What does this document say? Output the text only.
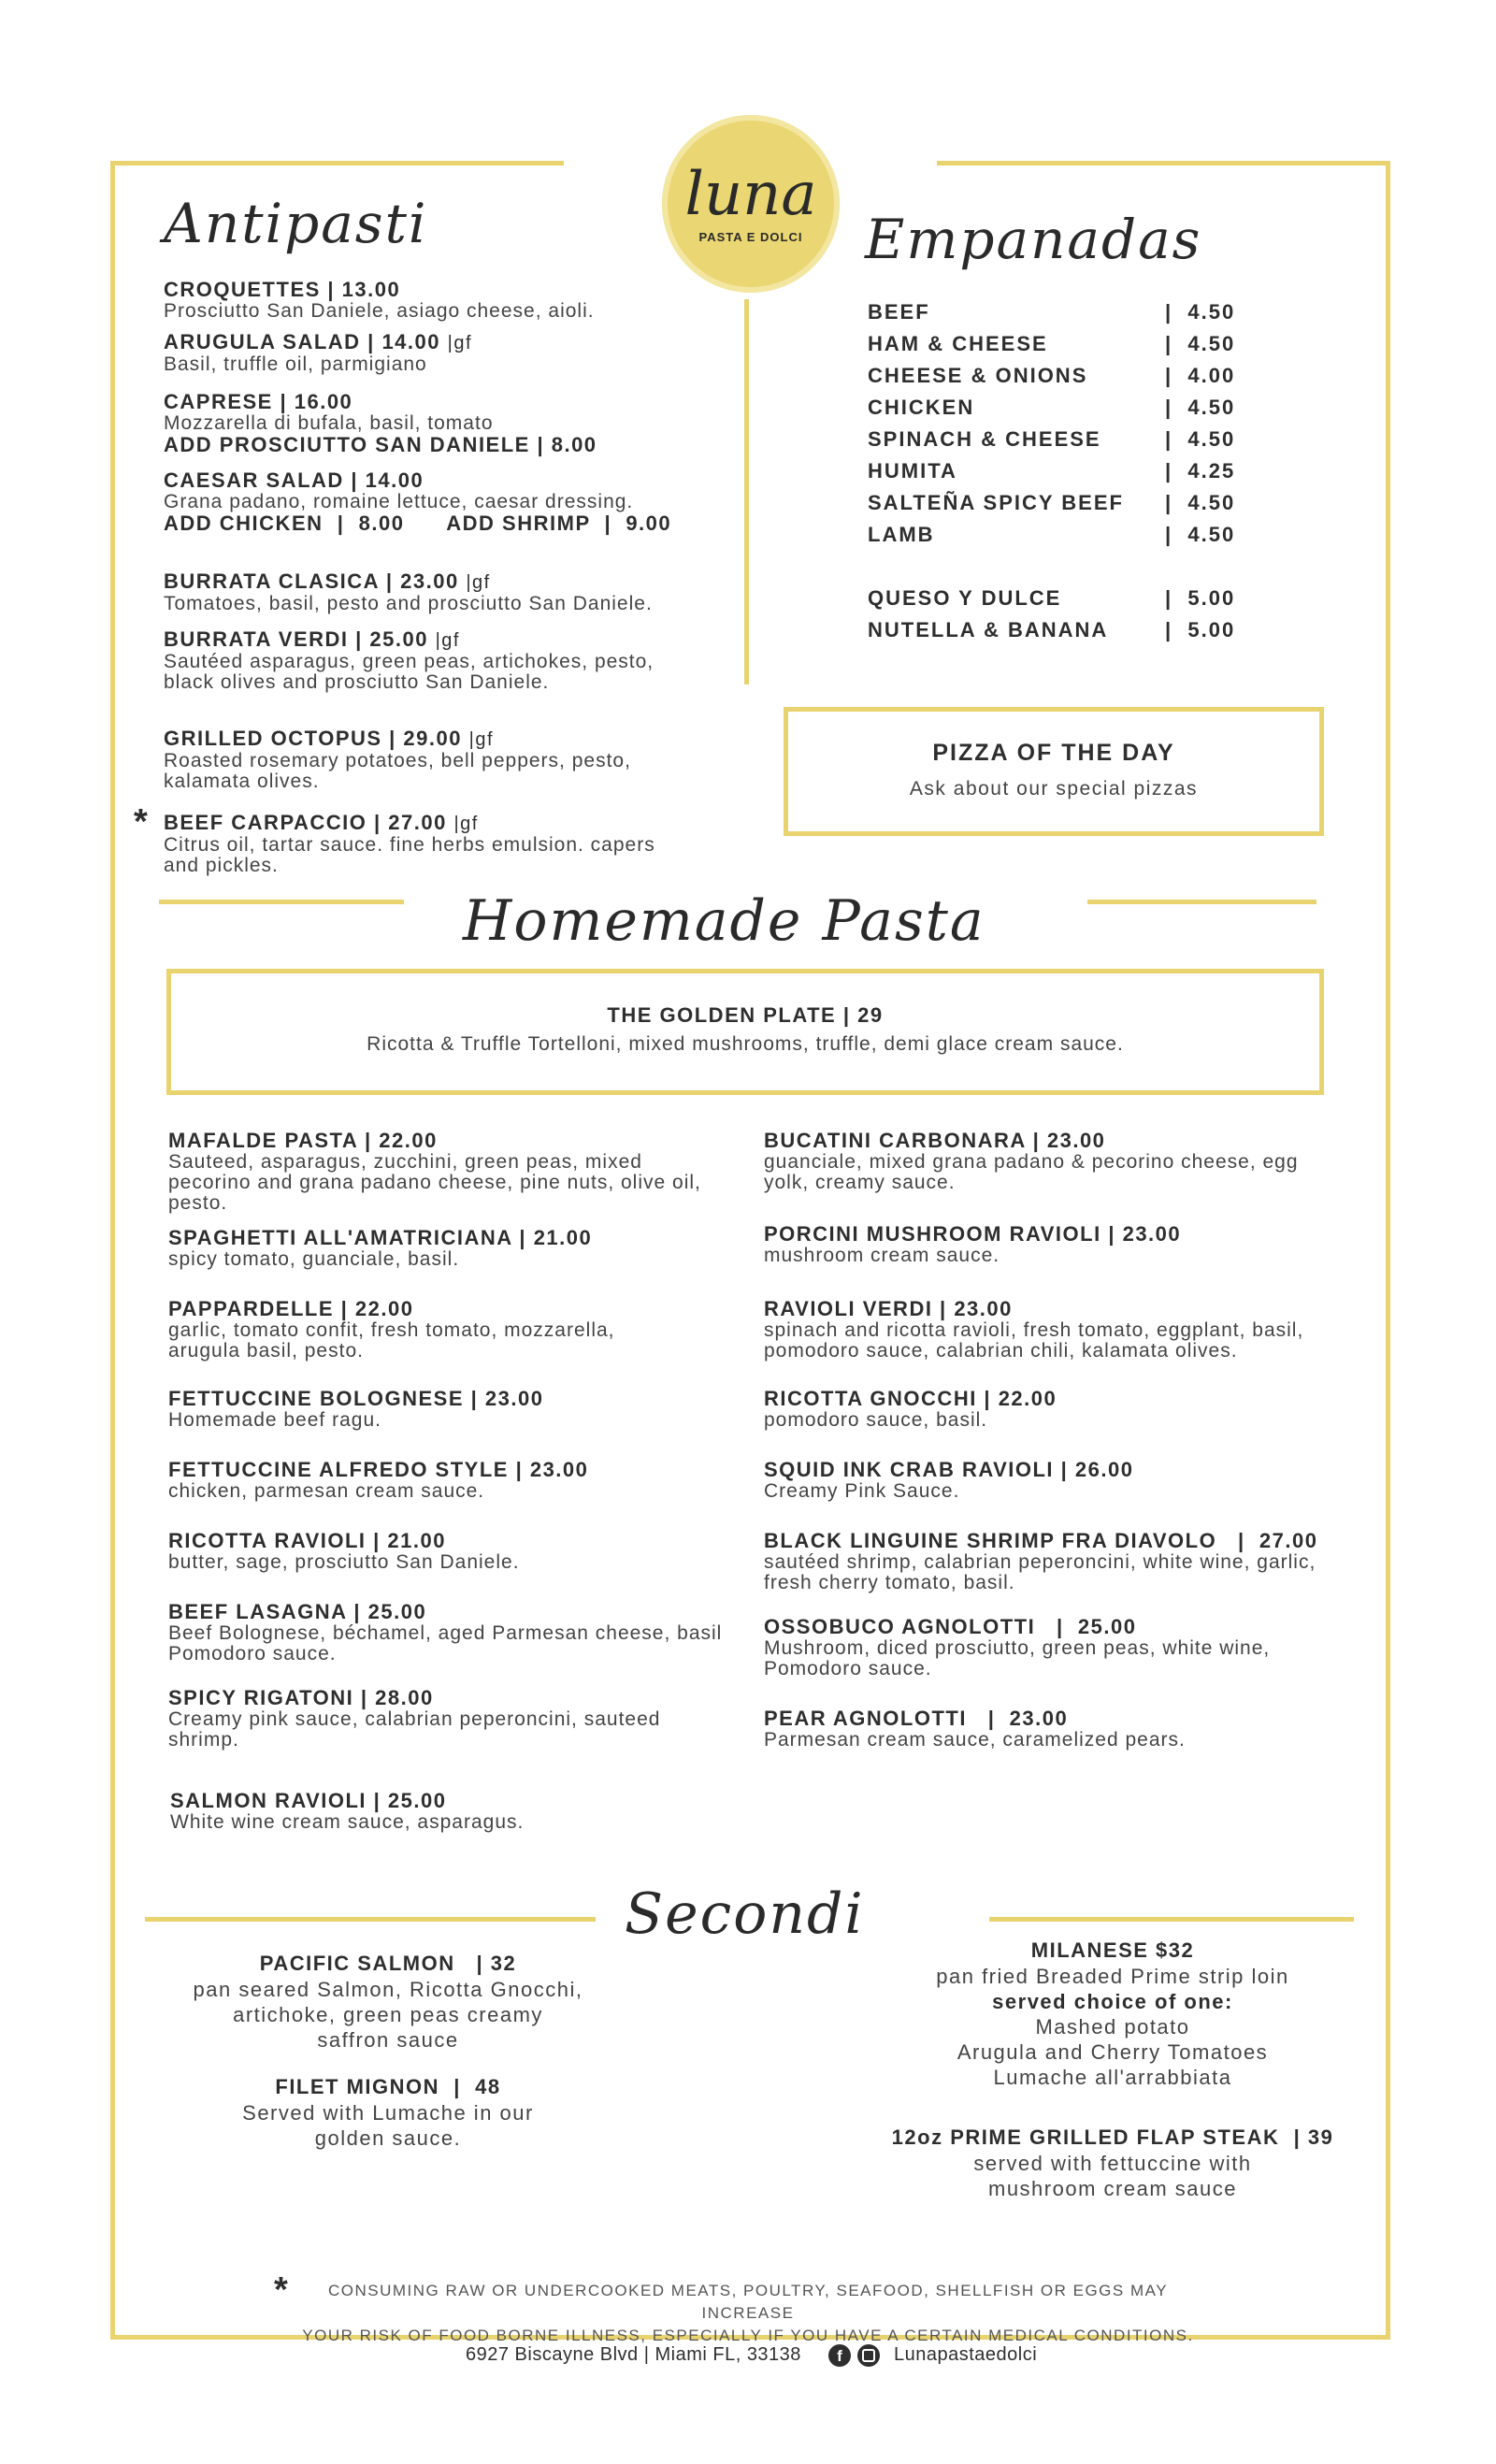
luna
PASTA E DOLCI
Antipasti	Empanadas
CROQUETTES | 13.00
Prosciutto San Daniele, asiago cheese, aioli.
ARUGULA SALAD | 14.00 |gf
Basil, truffle oil, parmigiano
CAPRESE | 16.00
Mozzarella di bufala, basil, tomato
ADD PROSCIUTTO SAN DANIELE | 8.00
CAESAR SALAD | 14.00
Grana padano, romaine lettuce, caesar dressing.
ADD CHICKEN  |  8.00      ADD SHRIMP  |  9.00
BURRATA CLASICA | 23.00 |gf
Tomatoes, basil, pesto and prosciutto San Daniele.
BURRATA VERDI | 25.00 |gf
Sautéed asparagus, green peas, artichokes, pesto, black olives and prosciutto San Daniele.
GRILLED OCTOPUS | 29.00 |gf
Roasted rosemary potatoes, bell peppers, pesto, kalamata olives.
* BEEF CARPACCIO | 27.00 |gf
Citrus oil, tartar sauce. fine herbs emulsion. capers and pickles.
BEEF	|  4.50
HAM & CHEESE	|  4.50
CHEESE & ONIONS	|  4.00
CHICKEN	|  4.50
SPINACH & CHEESE	|  4.50
HUMITA	|  4.25
SALTEÑA SPICY BEEF |  4.50
LAMB	|  4.50
QUESO Y DULCE	|  5.00
NUTELLA & BANANA	|  5.00
PIZZA OF THE DAY
Ask about our special pizzas
Homemade Pasta
THE GOLDEN PLATE | 29
Ricotta & Truffle Tortelloni, mixed mushrooms, truffle, demi glace cream sauce.
MAFALDE PASTA | 22.00
Sauteed, asparagus, zucchini, green peas, mixed pecorino and grana padano cheese, pine nuts, olive oil, pesto.
SPAGHETTI ALL'AMATRICIANA | 21.00
spicy tomato, guanciale, basil.
PAPPARDELLE | 22.00
garlic, tomato confit, fresh tomato, mozzarella, arugula basil, pesto.
FETTUCCINE BOLOGNESE | 23.00
Homemade beef ragu.
FETTUCCINE ALFREDO STYLE | 23.00
chicken, parmesan cream sauce.
RICOTTA RAVIOLI | 21.00
butter, sage, prosciutto San Daniele.
BEEF LASAGNA | 25.00
Beef Bolognese, béchamel, aged Parmesan cheese, basil Pomodoro sauce.
SPICY RIGATONI | 28.00
Creamy pink sauce, calabrian peperoncini, sauteed shrimp.
SALMON RAVIOLI | 25.00
White wine cream sauce, asparagus.
BUCATINI CARBONARA | 23.00
guanciale, mixed grana padano & pecorino cheese, egg yolk, creamy sauce.
PORCINI MUSHROOM RAVIOLI | 23.00
mushroom cream sauce.
RAVIOLI VERDI | 23.00
spinach and ricotta ravioli, fresh tomato, eggplant, basil, pomodoro sauce, calabrian chili, kalamata olives.
RICOTTA GNOCCHI | 22.00
pomodoro sauce, basil.
SQUID INK CRAB RAVIOLI | 26.00
Creamy Pink Sauce.
BLACK LINGUINE SHRIMP FRA DIAVOLO   |  27.00
sautéed shrimp, calabrian peperoncini, white wine, garlic, fresh cherry tomato, basil.
OSSOBUCO AGNOLOTTI   |  25.00
Mushroom, diced prosciutto, green peas, white wine, Pomodoro sauce.
PEAR AGNOLOTTI   |  23.00
Parmesan cream sauce, caramelized pears.
Secondi
PACIFIC SALMON   | 32
pan seared Salmon, Ricotta Gnocchi,
artichoke, green peas creamy
saffron sauce
FILET MIGNON  |  48
Served with Lumache in our
golden sauce.
MILANESE $32
pan fried Breaded Prime strip loin
served choice of one:
Mashed potato
Arugula and Cherry Tomatoes
Lumache all'arrabbiata
12oz PRIME GRILLED FLAP STEAK  | 39
served with fettuccine with
mushroom cream sauce
*	CONSUMING RAW OR UNDERCOOKED MEATS, POULTRY, SEAFOOD, SHELLFISH OR EGGS MAY INCREASE
YOUR RISK OF FOOD BORNE ILLNESS, ESPECIALLY IF YOU HAVE A CERTAIN MEDICAL CONDITIONS.
6927 Biscayne Blvd | Miami FL, 33138	f	Lunapastaedolci
